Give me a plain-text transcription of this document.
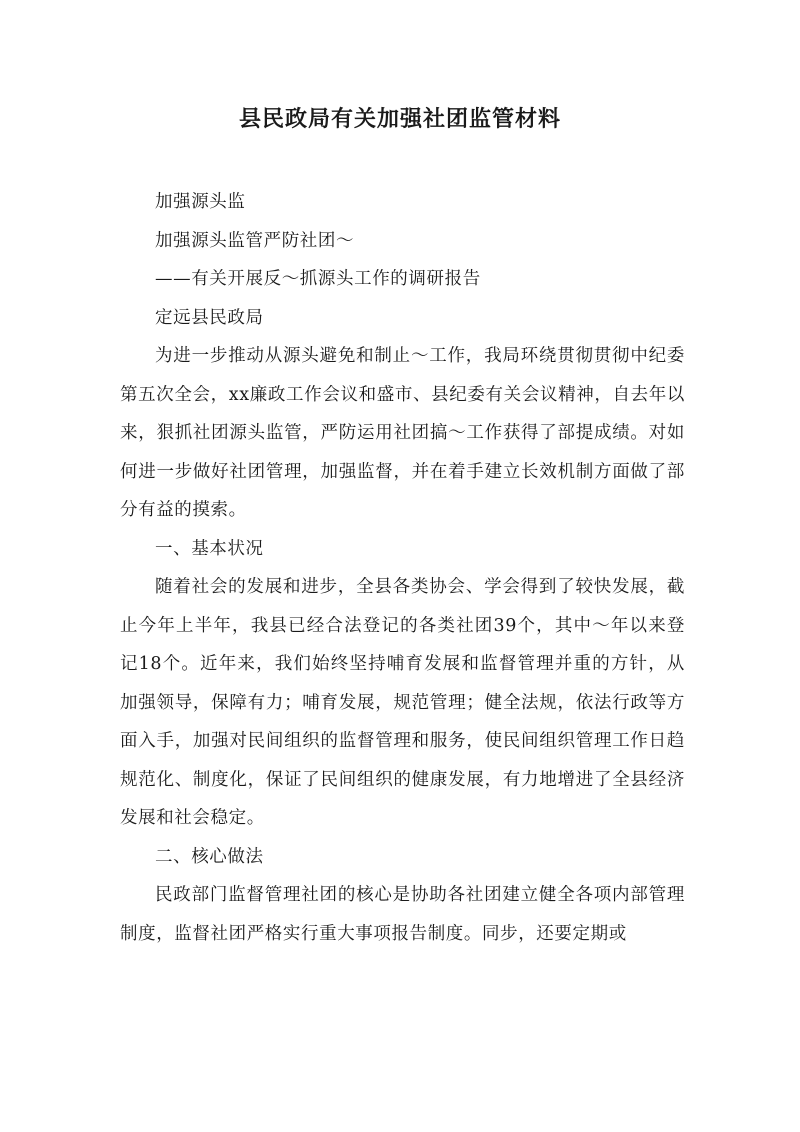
县民政局有关加强社团监管材料

加强源头监

加强源头监管严防社团～

——有关开展反～抓源头工作的调研报告

定远县民政局

为进一步推动从源头避免和制止～工作，我局环绕贯彻贯彻中纪委第五次全会，xx廉政工作会议和盛市、县纪委有关会议精神，自去年以来，狠抓社团源头监管，严防运用社团搞～工作获得了部提成绩。对如何进一步做好社团管理，加强监督，并在着手建立长效机制方面做了部分有益的摸索。

一、基本状况

随着社会的发展和进步，全县各类协会、学会得到了较快发展，截止今年上半年，我县已经合法登记的各类社团39个，其中～年以来登记18个。近年来，我们始终坚持哺育发展和监督管理并重的方针，从加强领导，保障有力；哺育发展，规范管理；健全法规，依法行政等方面入手，加强对民间组织的监督管理和服务，使民间组织管理工作日趋规范化、制度化，保证了民间组织的健康发展，有力地增进了全县经济发展和社会稳定。

二、核心做法

民政部门监督管理社团的核心是协助各社团建立健全各项内部管理制度，监督社团严格实行重大事项报告制度。同步，还要定期或
